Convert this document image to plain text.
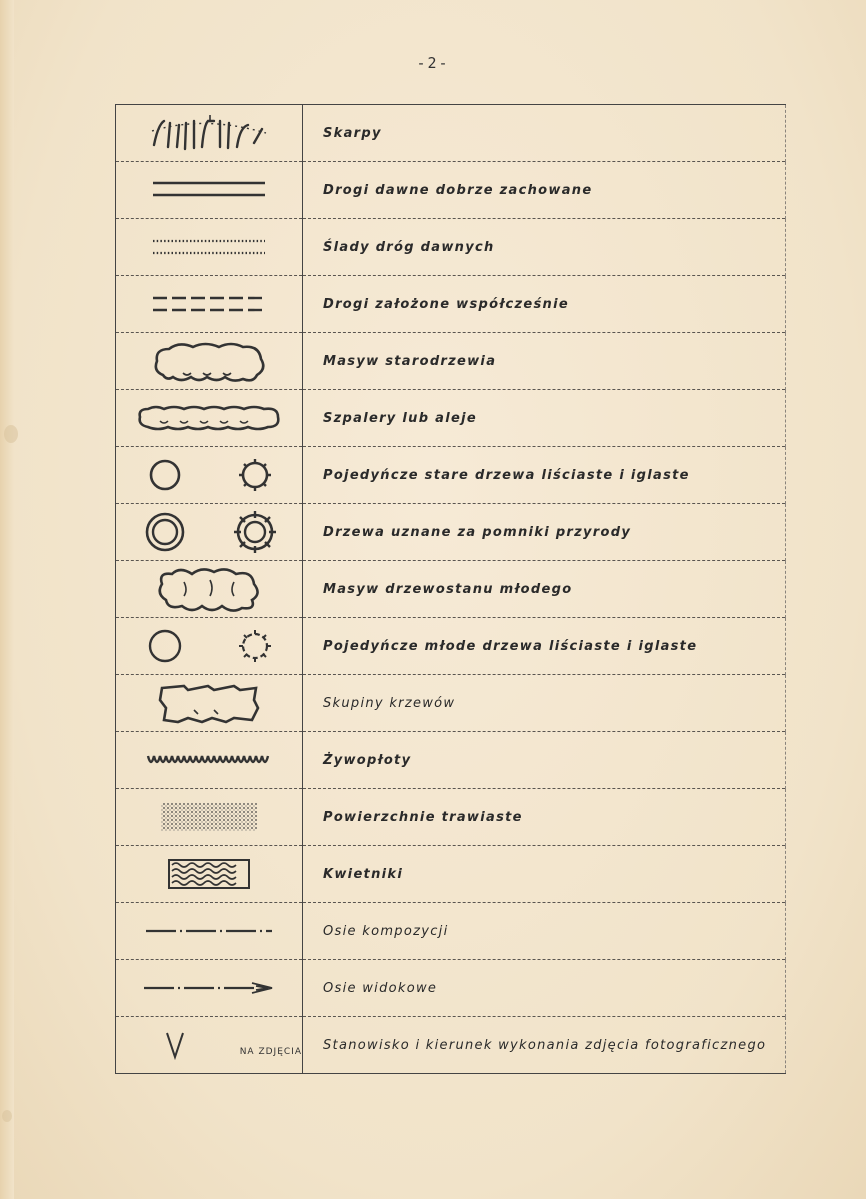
-2-
	Skarpy

	Drogi dawne dobrze zachowane

	Ślady dróg dawnych

	Drogi założone współcześnie

	Masyw starodrzewia

	Szpalery lub aleje

	Pojedyńcze stare drzewa liściaste i iglaste

	Drzewa uznane za pomniki przyrody

	Masyw drzewostanu młodego

	Pojedyńcze młode drzewa liściaste i iglaste

	Skupiny krzewów

	Żywopłoty

	Powierzchnie trawiaste

	Kwietniki

	Osie kompozycji

	Osie widokowe

NA ZDJĘCIA	Stanowisko i kierunek wykonania zdjęcia fotograficznego
